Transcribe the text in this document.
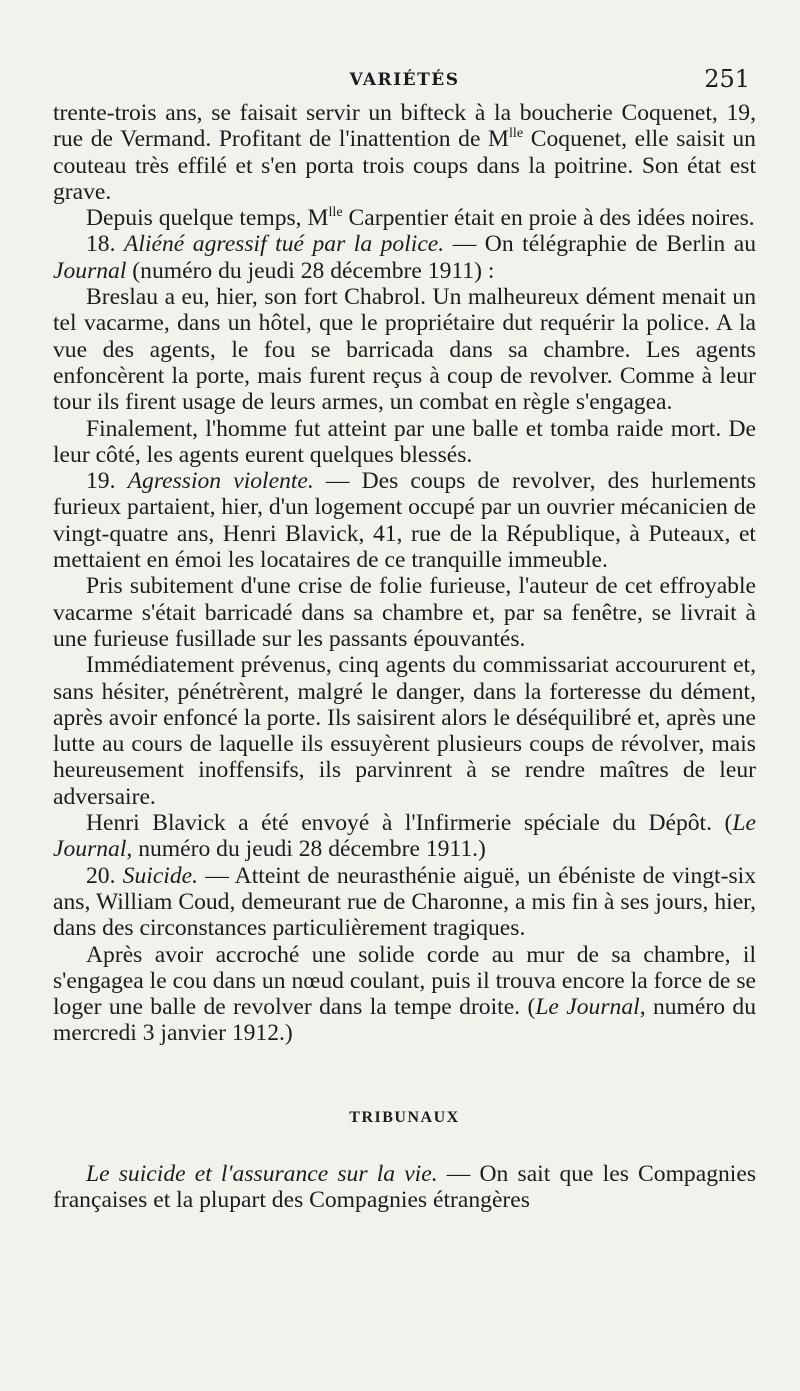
VARIÉTÉS	251

trente-trois ans, se faisait servir un bifteck à la boucherie Coquenet, 19, rue de Vermand. Profitant de l'inattention de $M^{lle}$ Coquenet, elle saisit un couteau très effilé et s'en porta trois coups dans la poitrine. Son état est grave.

Depuis quelque temps, $M^{lle}$ Carpentier était en proie à des idées noires.

18. Aliéné agressif tué par la police. — On télégraphie de Berlin au Journal (numéro du jeudi 28 décembre 1911) :

Breslau a eu, hier, son fort Chabrol. Un malheureux dément menait un tel vacarme, dans un hôtel, que le propriétaire dut requérir la police. A la vue des agents, le fou se barricada dans sa chambre. Les agents enfoncèrent la porte, mais furent reçus à coup de revolver. Comme à leur tour ils firent usage de leurs armes, un combat en règle s'engagea.

Finalement, l'homme fut atteint par une balle et tomba raide mort. De leur côté, les agents eurent quelques blessés.

19. Agression violente. — Des coups de revolver, des hurlements furieux partaient, hier, d'un logement occupé par un ouvrier mécanicien de vingt-quatre ans, Henri Blavick, 41, rue de la République, à Puteaux, et mettaient en émoi les locataires de ce tranquille immeuble.

Pris subitement d'une crise de folie furieuse, l'auteur de cet effroyable vacarme s'était barricadé dans sa chambre et, par sa fenêtre, se livrait à une furieuse fusillade sur les passants épouvantés.

Immédiatement prévenus, cinq agents du commissariat accoururent et, sans hésiter, pénétrèrent, malgré le danger, dans la forteresse du dément, après avoir enfoncé la porte. Ils saisirent alors le déséquilibré et, après une lutte au cours de laquelle ils essuyèrent plusieurs coups de révolver, mais heureusement inoffensifs, ils parvinrent à se rendre maîtres de leur adversaire.

Henri Blavick a été envoyé à l'Infirmerie spéciale du Dépôt. (Le Journal, numéro du jeudi 28 décembre 1911.)

20. Suicide. — Atteint de neurasthénie aiguë, un ébéniste de vingt-six ans, William Coud, demeurant rue de Charonne, a mis fin à ses jours, hier, dans des circonstances particulièrement tragiques.

Après avoir accroché une solide corde au mur de sa chambre, il s'engagea le cou dans un nœud coulant, puis il trouva encore la force de se loger une balle de revolver dans la tempe droite. (Le Journal, numéro du mercredi 3 janvier 1912.)

TRIBUNAUX

Le suicide et l'assurance sur la vie. — On sait que les Compagnies françaises et la plupart des Compagnies étrangères
